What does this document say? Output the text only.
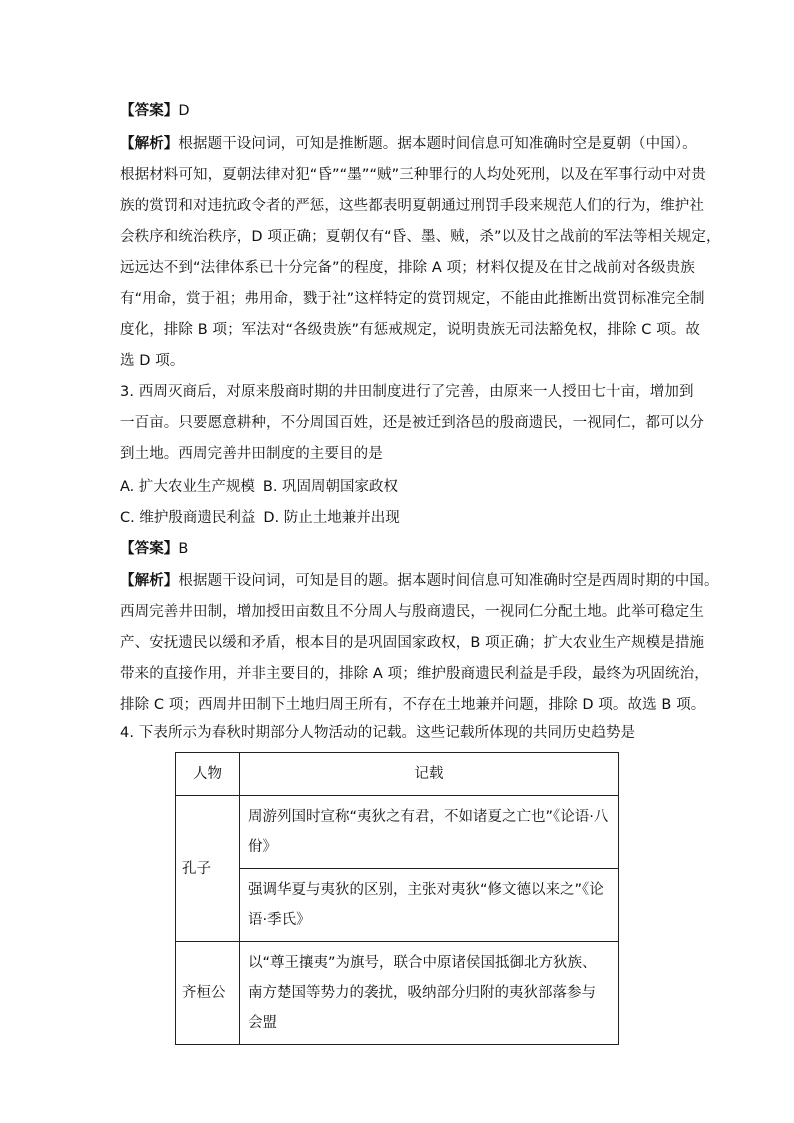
【答案】D
【解析】根据题干设问词，可知是推断题。据本题时间信息可知准确时空是夏朝（中国）。
根据材料可知，夏朝法律对犯“昏”“墨”“贼”三种罪行的人均处死刑，以及在军事行动中对贵
族的赏罚和对违抗政令者的严惩，这些都表明夏朝通过刑罚手段来规范人们的行为，维护社
会秩序和统治秩序，D 项正确；夏朝仅有“昏、墨、贼，杀”以及甘之战前的军法等相关规定，
远远达不到“法律体系已十分完备”的程度，排除 A 项；材料仅提及在甘之战前对各级贵族
有“用命，赏于祖；弗用命，戮于社”这样特定的赏罚规定，不能由此推断出赏罚标准完全制
度化，排除 B 项；军法对“各级贵族”有惩戒规定，说明贵族无司法豁免权，排除 C 项。故
选 D 项。
3. 西周灭商后，对原来殷商时期的井田制度进行了完善，由原来一人授田七十亩，增加到
一百亩。只要愿意耕种，不分周国百姓，还是被迁到洛邑的殷商遗民，一视同仁，都可以分
到土地。西周完善井田制度的主要目的是
A. 扩大农业生产规模 B. 巩固周朝国家政权
C. 维护殷商遗民利益 D. 防止土地兼并出现
【答案】B
【解析】根据题干设问词，可知是目的题。据本题时间信息可知准确时空是西周时期的中国。
西周完善井田制，增加授田亩数且不分周人与殷商遗民，一视同仁分配土地。此举可稳定生
产、安抚遗民以缓和矛盾，根本目的是巩固国家政权，B 项正确；扩大农业生产规模是措施
带来的直接作用，并非主要目的，排除 A 项；维护殷商遗民利益是手段，最终为巩固统治，
排除 C 项；西周井田制下土地归周王所有，不存在土地兼并问题，排除 D 项。故选 B 项。
4. 下表所示为春秋时期部分人物活动的记载。这些记载所体现的共同历史趋势是
人物	记载
孔子	周游列国时宣称“夷狄之有君，不如诸夏之亡也”《论语·八佾》
	强调华夏与夷狄的区别，主张对夷狄“修文德以来之”《论语·季氏》
齐桓公	以“尊王攘夷”为旗号，联合中原诸侯国抵御北方狄族、南方楚国等势力的袭扰，吸纳部分归附的夷狄部落参与会盟
